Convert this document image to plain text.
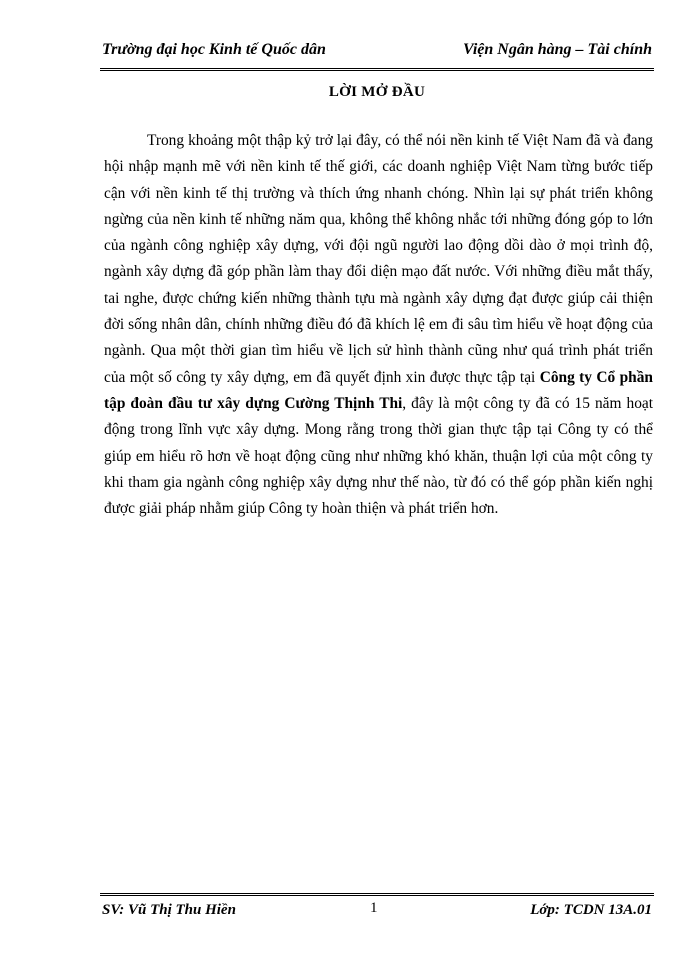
Trường đại học Kinh tế Quốc dân	Viện Ngân hàng – Tài chính
LỜI MỞ ĐẦU

Trong khoảng một thập kỷ trở lại đây, có thể nói nền kinh tế Việt Nam đã và đang hội nhập mạnh mẽ với nền kinh tế thế giới, các doanh nghiệp Việt Nam từng bước tiếp cận với nền kinh tế thị trường và thích ứng nhanh chóng. Nhìn lại sự phát triển không ngừng của nền kinh tế những năm qua, không thể không nhắc tới những đóng góp to lớn của ngành công nghiệp xây dựng, với đội ngũ người lao động dồi dào ở mọi trình độ, ngành xây dựng đã góp phần làm thay đổi diện mạo đất nước. Với những điều mắt thấy, tai nghe, được chứng kiến những thành tựu mà ngành xây dựng đạt được giúp cải thiện đời sống nhân dân, chính những điều đó đã khích lệ em đi sâu tìm hiểu về hoạt động của ngành. Qua một thời gian tìm hiểu về lịch sử hình thành cũng như quá trình phát triển của một số công ty xây dựng, em đã quyết định xin được thực tập tại Công ty Cổ phần tập đoàn đầu tư xây dựng Cường Thịnh Thi, đây là một công ty đã có 15 năm hoạt động trong lĩnh vực xây dựng. Mong rằng trong thời gian thực tập tại Công ty có thể giúp em hiểu rõ hơn về hoạt động cũng như những khó khăn, thuận lợi của một công ty khi tham gia ngành công nghiệp xây dựng như thế nào, từ đó có thể góp phần kiến nghị được giải pháp nhằm giúp Công ty hoàn thiện và phát triển hơn.

SV: Vũ Thị Thu Hiền	1	Lớp: TCDN 13A.01
